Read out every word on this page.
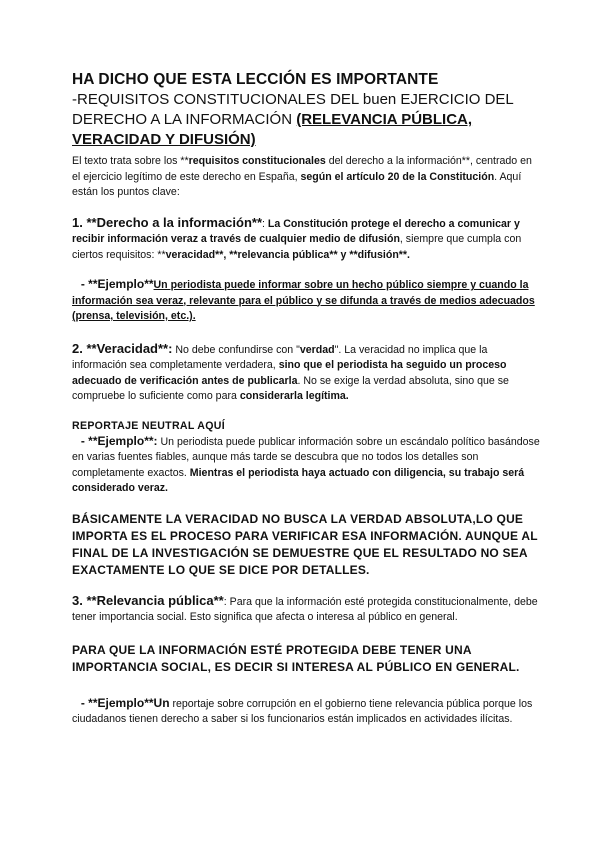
HA DICHO QUE ESTA LECCIÓN ES IMPORTANTE

-REQUISITOS CONSTITUCIONALES DEL buen EJERCICIO DEL DERECHO A LA INFORMACIÓN (RELEVANCIA PÚBLICA, VERACIDAD Y DIFUSIÓN)

El texto trata sobre los **requisitos constitucionales del derecho a la información**, centrado en el ejercicio legítimo de este derecho en España, según el artículo 20 de la Constitución. Aquí están los puntos clave:

1. **Derecho a la información**: La Constitución protege el derecho a comunicar y recibir información veraz a través de cualquier medio de difusión, siempre que cumpla con ciertos requisitos: **veracidad**, **relevancia pública** y **difusión**.

- **Ejemplo**Un periodista puede informar sobre un hecho público siempre y cuando la información sea veraz, relevante para el público y se difunda a través de medios adecuados (prensa, televisión, etc.).

2. **Veracidad**: No debe confundirse con "verdad". La veracidad no implica que la información sea completamente verdadera, sino que el periodista ha seguido un proceso adecuado de verificación antes de publicarla. No se exige la verdad absoluta, sino que se compruebe lo suficiente como para considerarla legítima.

REPORTAJE NEUTRAL AQUÍ

- **Ejemplo**: Un periodista puede publicar información sobre un escándalo político basándose en varias fuentes fiables, aunque más tarde se descubra que no todos los detalles son completamente exactos. Mientras el periodista haya actuado con diligencia, su trabajo será considerado veraz.

BÁSICAMENTE LA VERACIDAD NO BUSCA LA VERDAD ABSOLUTA,LO QUE IMPORTA ES EL PROCESO PARA VERIFICAR ESA INFORMACIÓN. AUNQUE AL FINAL DE LA INVESTIGACIÓN SE DEMUESTRE QUE EL RESULTADO NO SEA EXACTAMENTE LO QUE SE DICE POR DETALLES.

3. **Relevancia pública**: Para que la información esté protegida constitucionalmente, debe tener importancia social. Esto significa que afecta o interesa al público en general.

PARA QUE LA INFORMACIÓN ESTÉ PROTEGIDA DEBE TENER UNA IMPORTANCIA SOCIAL, ES DECIR SI INTERESA AL PÚBLICO EN GENERAL.

- **Ejemplo**Un reportaje sobre corrupción en el gobierno tiene relevancia pública porque los ciudadanos tienen derecho a saber si los funcionarios están implicados en actividades ilícitas.
